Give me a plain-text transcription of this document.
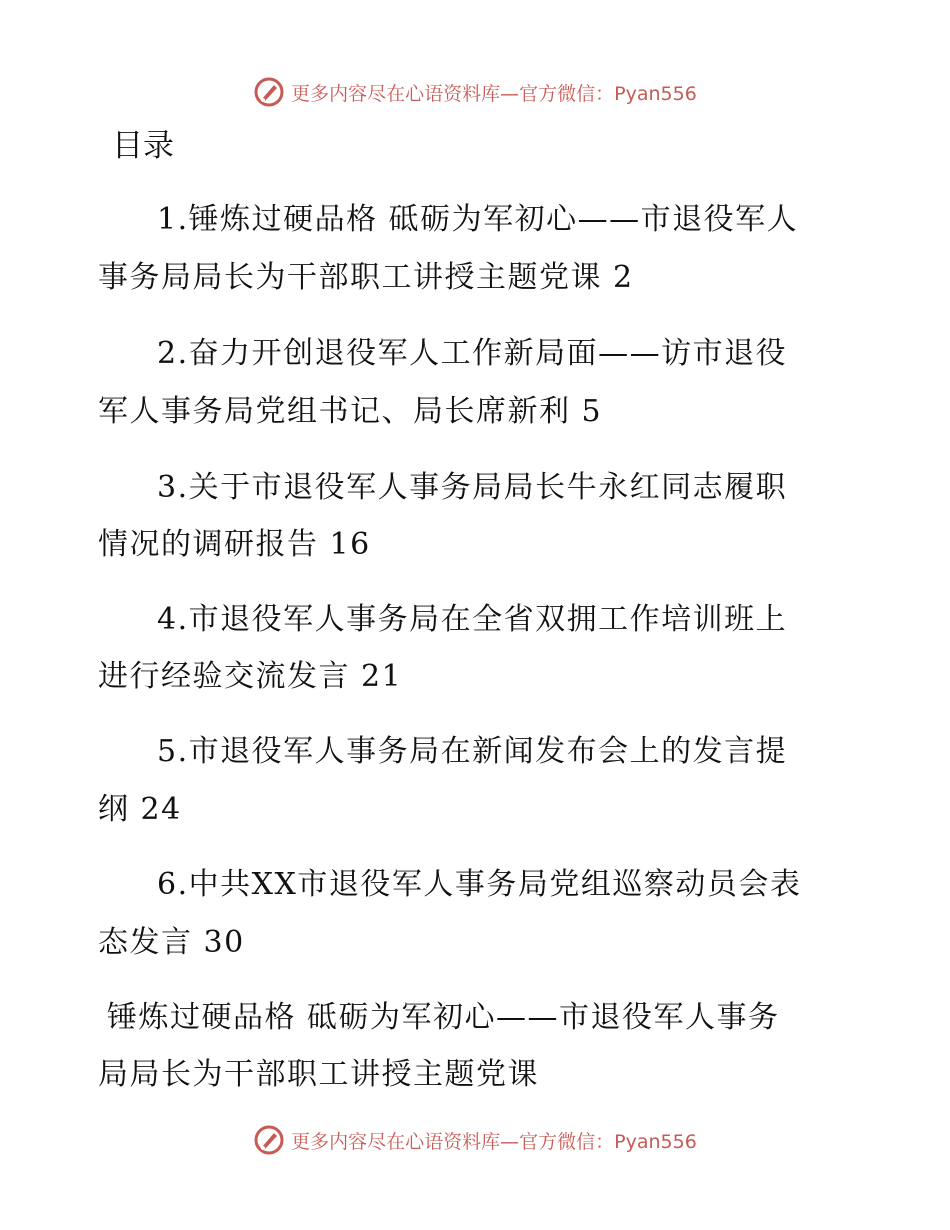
更多内容尽在心语资料库—官方微信：Pyan556
目录
1.锤炼过硬品格 砥砺为军初心——市退役军人
事务局局长为干部职工讲授主题党课 2
2.奋力开创退役军人工作新局面——访市退役
军人事务局党组书记、局长席新利 5
3.关于市退役军人事务局局长牛永红同志履职
情况的调研报告 16
4.市退役军人事务局在全省双拥工作培训班上
进行经验交流发言 21
5.市退役军人事务局在新闻发布会上的发言提
纲 24
6.中共XX市退役军人事务局党组巡察动员会表
态发言 30
锤炼过硬品格 砥砺为军初心——市退役军人事务
局局长为干部职工讲授主题党课
更多内容尽在心语资料库—官方微信：Pyan556
